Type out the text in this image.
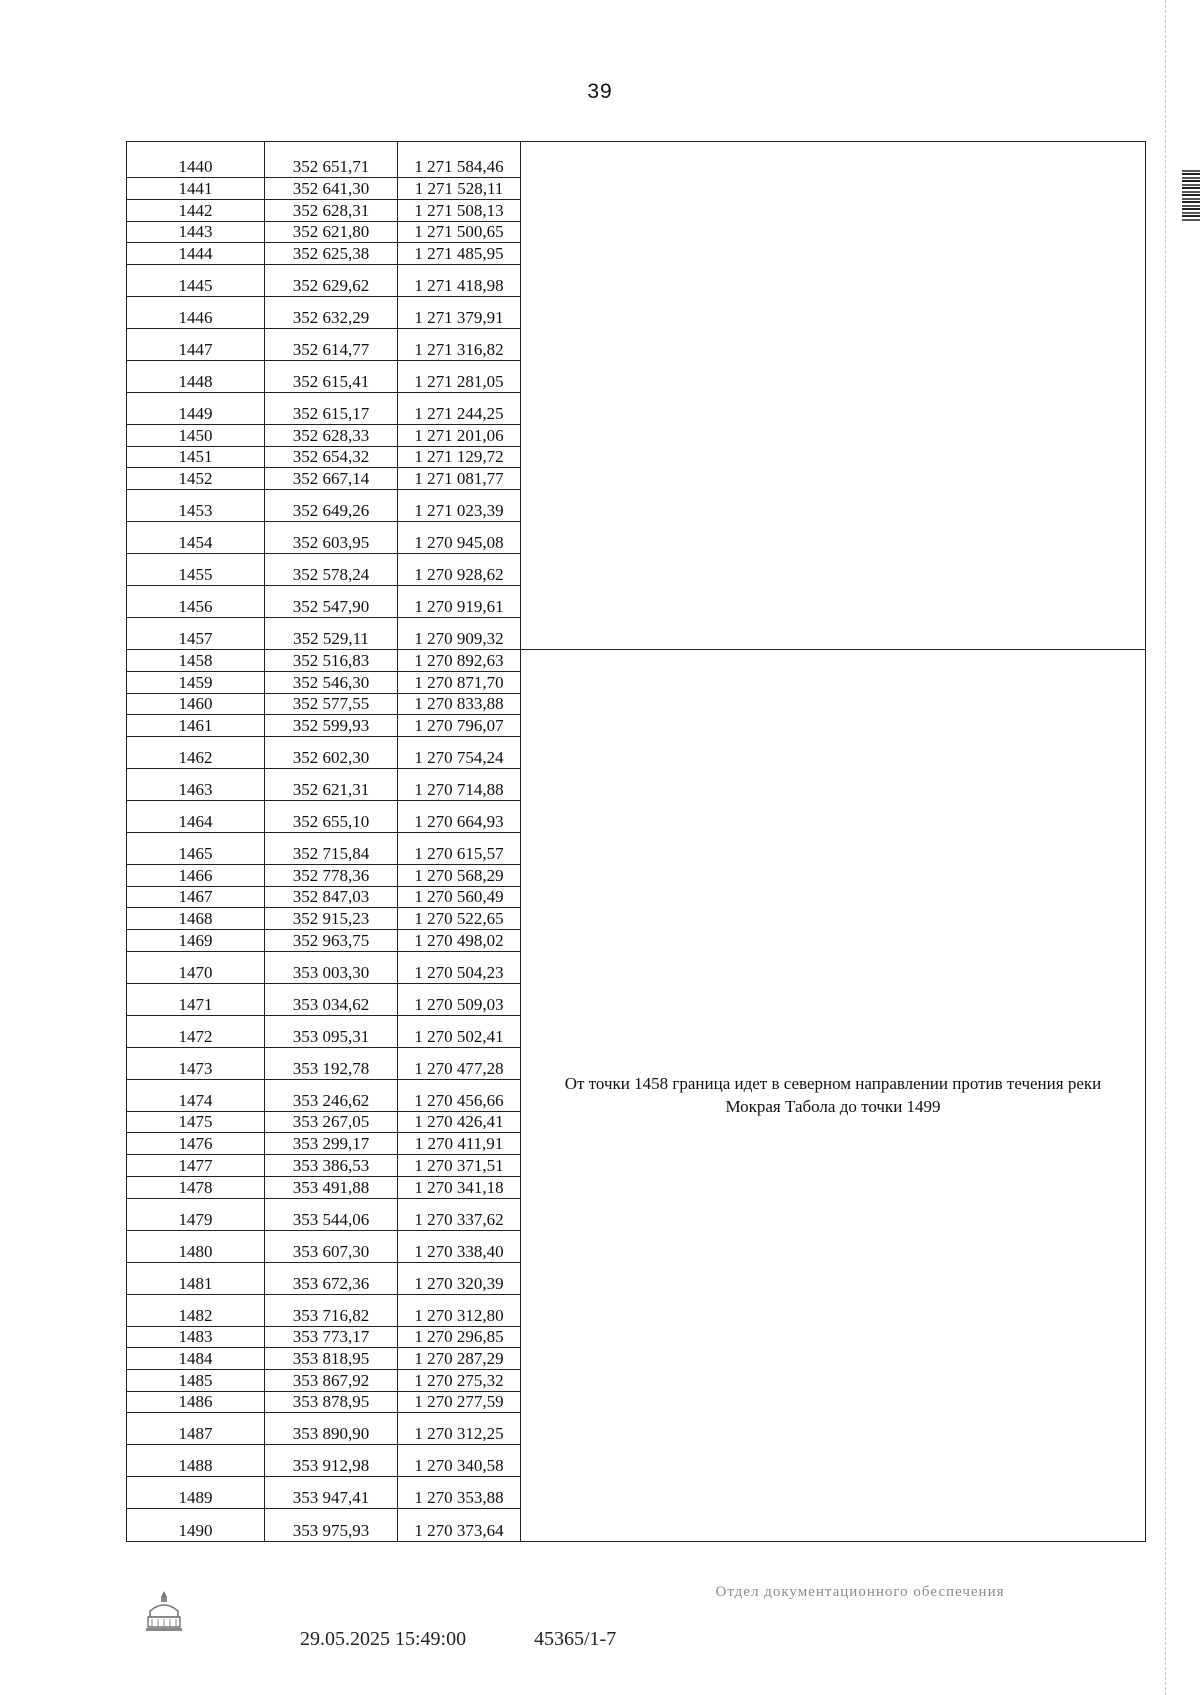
39
1440	352 651,71	1 271 584,46	
1441	352 641,30	1 271 528,11	
1442	352 628,31	1 271 508,13	
1443	352 621,80	1 271 500,65	
1444	352 625,38	1 271 485,95	
1445	352 629,62	1 271 418,98	
1446	352 632,29	1 271 379,91	
1447	352 614,77	1 271 316,82	
1448	352 615,41	1 271 281,05	
1449	352 615,17	1 271 244,25	
1450	352 628,33	1 271 201,06	
1451	352 654,32	1 271 129,72	
1452	352 667,14	1 271 081,77	
1453	352 649,26	1 271 023,39	
1454	352 603,95	1 270 945,08	
1455	352 578,24	1 270 928,62	
1456	352 547,90	1 270 919,61	
1457	352 529,11	1 270 909,32	
1458	352 516,83	1 270 892,63	От точки 1458 граница идет в северном направлении против течения реки Мокрая Табола до точки 1499
1459	352 546,30	1 270 871,70	
1460	352 577,55	1 270 833,88	
1461	352 599,93	1 270 796,07	
1462	352 602,30	1 270 754,24	
1463	352 621,31	1 270 714,88	
1464	352 655,10	1 270 664,93	
1465	352 715,84	1 270 615,57	
1466	352 778,36	1 270 568,29	
1467	352 847,03	1 270 560,49	
1468	352 915,23	1 270 522,65	
1469	352 963,75	1 270 498,02	
1470	353 003,30	1 270 504,23	
1471	353 034,62	1 270 509,03	
1472	353 095,31	1 270 502,41	
1473	353 192,78	1 270 477,28	
1474	353 246,62	1 270 456,66	
1475	353 267,05	1 270 426,41	
1476	353 299,17	1 270 411,91	
1477	353 386,53	1 270 371,51	
1478	353 491,88	1 270 341,18	
1479	353 544,06	1 270 337,62	
1480	353 607,30	1 270 338,40	
1481	353 672,36	1 270 320,39	
1482	353 716,82	1 270 312,80	
1483	353 773,17	1 270 296,85	
1484	353 818,95	1 270 287,29	
1485	353 867,92	1 270 275,32	
1486	353 878,95	1 270 277,59	
1487	353 890,90	1 270 312,25	
1488	353 912,98	1 270 340,58	
1489	353 947,41	1 270 353,88	
1490	353 975,93	1 270 373,64	
29.05.2025 15:49:00	45365/1-7
Отдел документационного обеспечения
